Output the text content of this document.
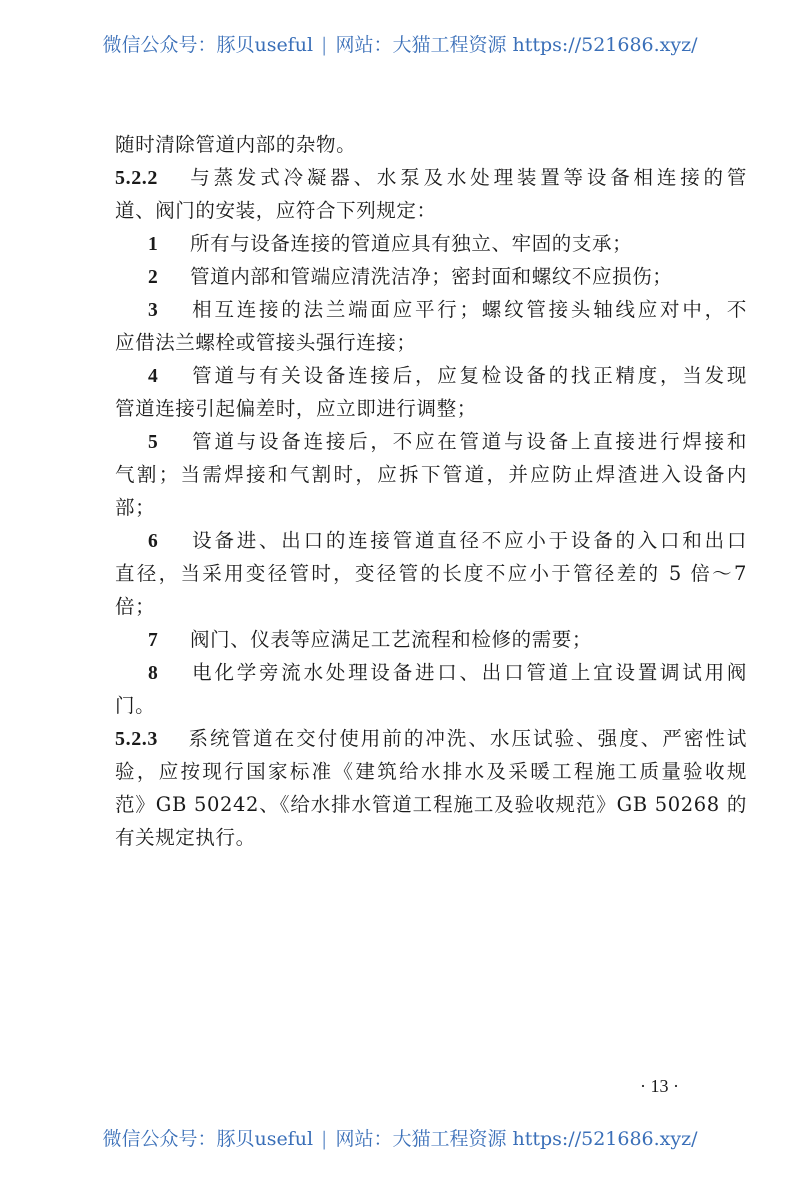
微信公众号：豚贝useful | 网站：大猫工程资源 https://521686.xyz/
随时清除管道内部的杂物。
5.2.2 与蒸发式冷凝器、水泵及水处理装置等设备相连接的管
道、阀门的安装，应符合下列规定：
1 所有与设备连接的管道应具有独立、牢固的支承；
2 管道内部和管端应清洗洁净；密封面和螺纹不应损伤；
3 相互连接的法兰端面应平行；螺纹管接头轴线应对中，不
应借法兰螺栓或管接头强行连接；
4 管道与有关设备连接后，应复检设备的找正精度，当发现
管道连接引起偏差时，应立即进行调整；
5 管道与设备连接后，不应在管道与设备上直接进行焊接和
气割；当需焊接和气割时，应拆下管道，并应防止焊渣进入设备内
部；
6 设备进、出口的连接管道直径不应小于设备的入口和出口
直径，当采用变径管时，变径管的长度不应小于管径差的 5 倍～7
倍；
7 阀门、仪表等应满足工艺流程和检修的需要；
8 电化学旁流水处理设备进口、出口管道上宜设置调试用阀
门。
5.2.3 系统管道在交付使用前的冲洗、水压试验、强度、严密性试
验，应按现行国家标准《建筑给水排水及采暖工程施工质量验收规
范》GB 50242、《给水排水管道工程施工及验收规范》GB 50268 的
有关规定执行。
· 13 ·
微信公众号：豚贝useful | 网站：大猫工程资源 https://521686.xyz/
